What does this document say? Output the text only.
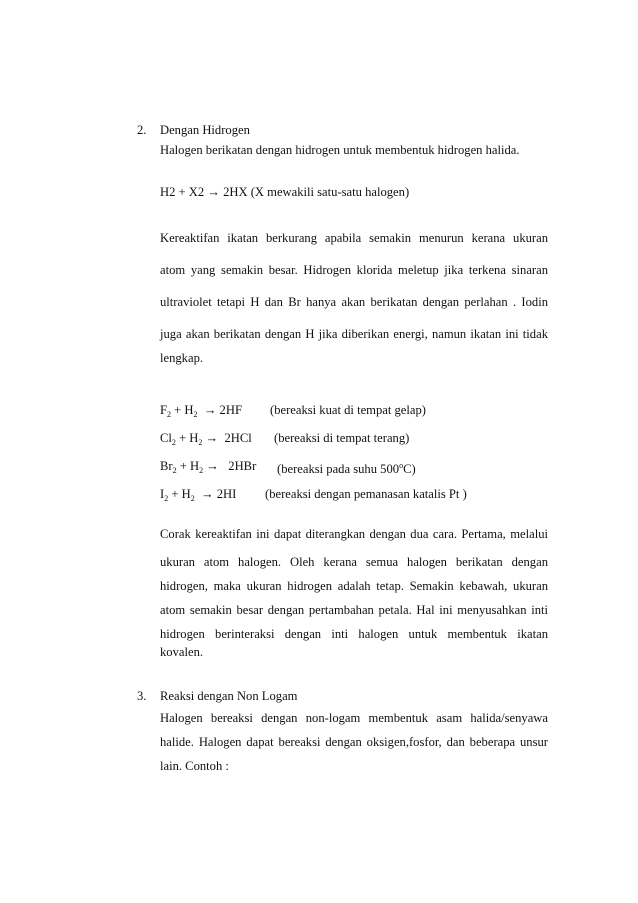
2. Dengan Hidrogen
Halogen berikatan dengan hidrogen untuk membentuk hidrogen halida.
H2 + X2 → 2HX (X mewakili satu-satu halogen)
Kereaktifan ikatan berkurang apabila semakin menurun kerana ukuran
atom yang semakin besar. Hidrogen klorida meletup jika terkena sinaran
ultraviolet tetapi H dan Br hanya akan berikatan dengan perlahan . Iodin
juga akan berikatan dengan H jika diberikan energi, namun ikatan ini tidak
lengkap.
$F_2 + H_2 \to 2HF$ (bereaksi kuat di tempat gelap)
$Cl_2 + H_2 \to 2HCl$ (bereaksi di tempat terang)
$Br_2 + H_2 \to 2HBr$ (bereaksi pada suhu 500$^o$C)
$I_2 + H_2 \to 2HI$ (bereaksi dengan pemanasan katalis Pt )
Corak kereaktifan ini dapat diterangkan dengan dua cara. Pertama, melalui
ukuran atom halogen. Oleh kerana semua halogen berikatan dengan
hidrogen, maka ukuran hidrogen adalah tetap. Semakin kebawah, ukuran
atom semakin besar dengan pertambahan petala. Hal ini menyusahkan inti
hidrogen berinteraksi dengan inti halogen untuk membentuk ikatan
kovalen.
3. Reaksi dengan Non Logam
Halogen bereaksi dengan non-logam membentuk asam halida/senyawa
halide. Halogen dapat bereaksi dengan oksigen,fosfor, dan beberapa unsur
lain. Contoh :
